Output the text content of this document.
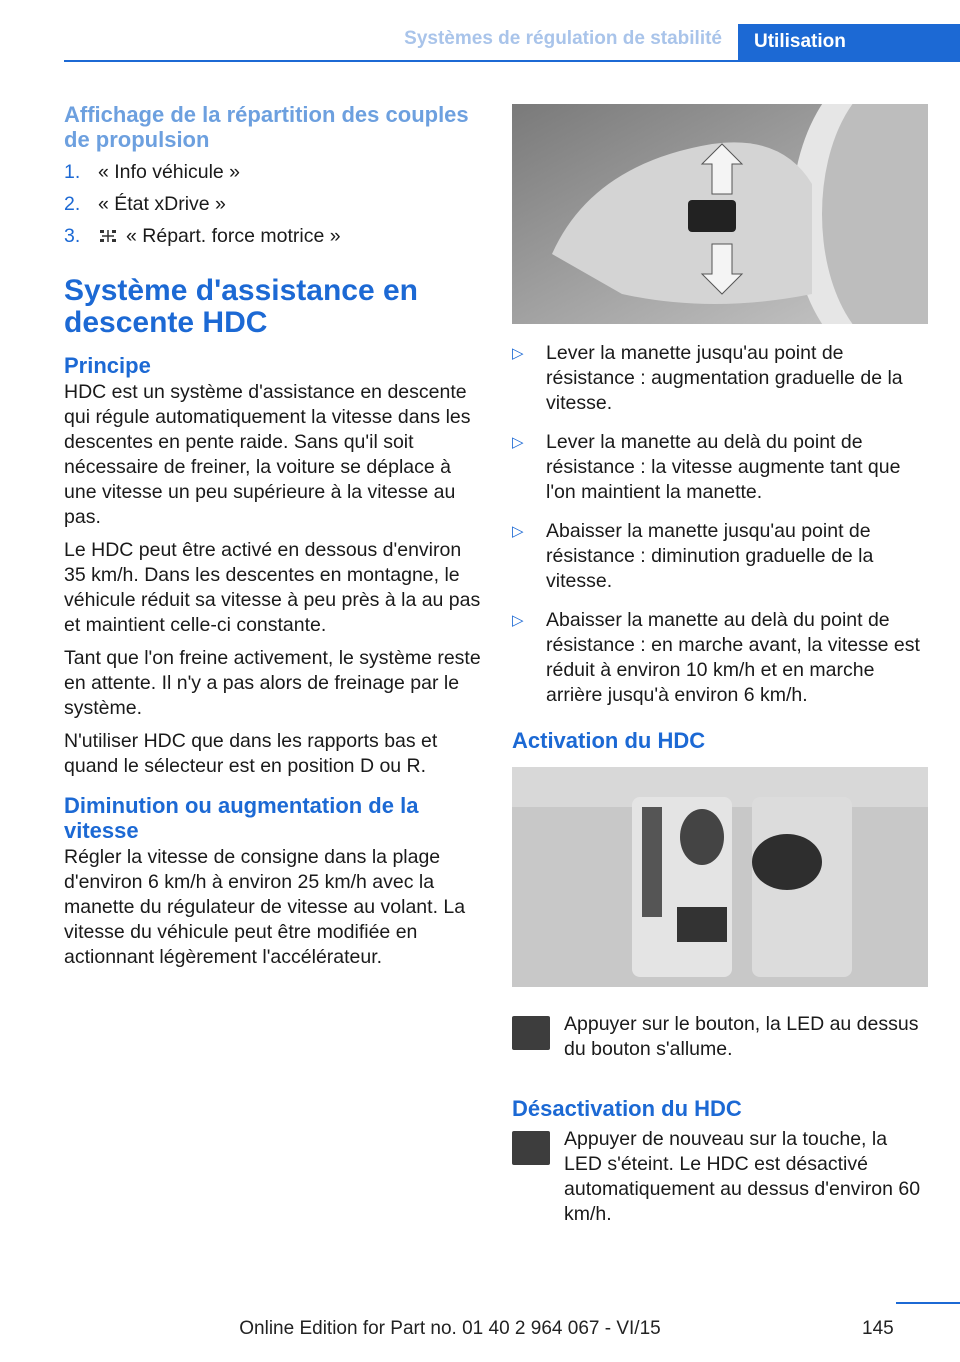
Systèmes de régulation de stabilité	Utilisation
Affichage de la répartition des couples de propulsion
1. « Info véhicule »
2. « État xDrive »
3. « Répart. force motrice »
Système d'assistance en descente HDC
Principe

HDC est un système d'assistance en descente qui régule automatiquement la vitesse dans les descentes en pente raide. Sans qu'il soit nécessaire de freiner, la voiture se déplace à une vitesse un peu supérieure à la vitesse au pas.

Le HDC peut être activé en dessous d'environ 35 km/h. Dans les descentes en montagne, le véhicule réduit sa vitesse à peu près à la au pas et maintient celle-ci constante.

Tant que l'on freine activement, le système reste en attente. Il n'y a pas alors de freinage par le système.

N'utiliser HDC que dans les rapports bas et quand le sélecteur est en position D ou R.

Diminution ou augmentation de la vitesse

Régler la vitesse de consigne dans la plage d'environ 6 km/h à environ 25 km/h avec la manette du régulateur de vitesse au volant. La vitesse du véhicule peut être modifiée en actionnant légèrement l'accélérateur.

▷ Lever la manette jusqu'au point de résistance : augmentation graduelle de la vitesse.
▷ Lever la manette au delà du point de résistance : la vitesse augmente tant que l'on maintient la manette.
▷ Abaisser la manette jusqu'au point de résistance : diminution graduelle de la vitesse.
▷ Abaisser la manette au delà du point de résistance : en marche avant, la vitesse est réduit à environ 10 km/h et en marche arrière jusqu'à environ 6 km/h.
Activation du HDC
Appuyer sur le bouton, la LED au dessus du bouton s'allume.
Désactivation du HDC
Appuyer de nouveau sur la touche, la LED s'éteint. Le HDC est désactivé automatiquement au dessus d'environ 60 km/h.
145
Online Edition for Part no. 01 40 2 964 067 - VI/15
